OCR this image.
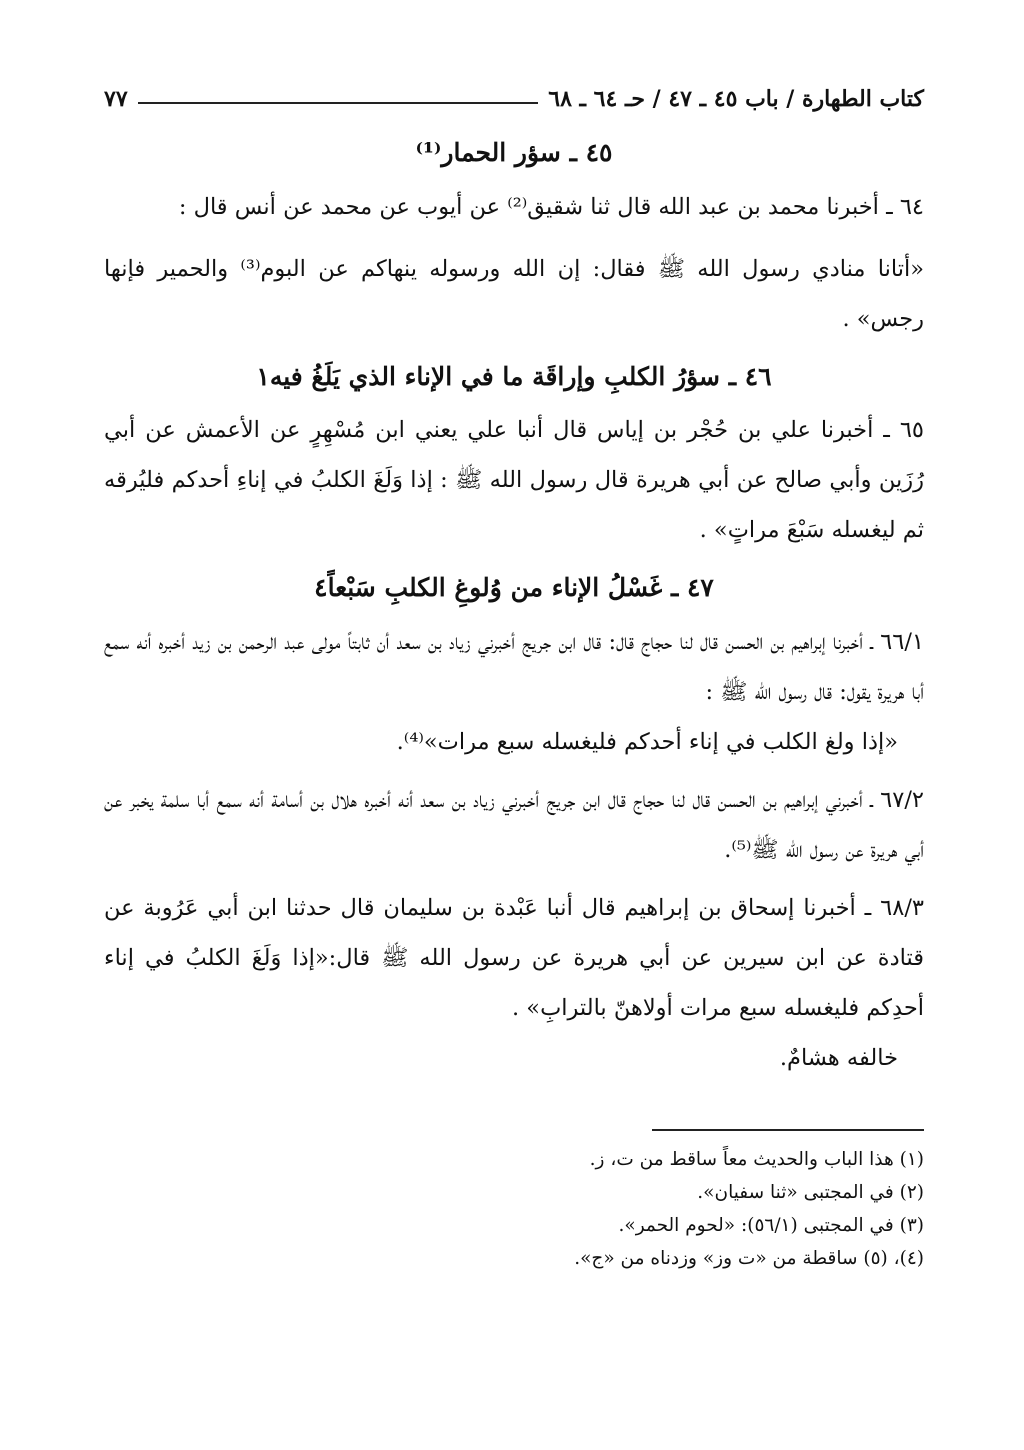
كتاب الطهارة / باب ٤٥ ـ ٤٧ / حـ ٦٤ ـ ٦٨
٧٧
٤٥ ـ سؤر الحمار⁽¹⁾

٦٤ ـ أخبرنا محمد بن عبد الله قال ثنا شقيق⁽²⁾ عن أيوب عن محمد عن أنس قال :

«أتانا منادي رسول الله ﷺ فقال: إن الله ورسوله ينهاكم عن البوم⁽³⁾ والحمير فإنها رجس» .

٤٦ ـ سؤرُ الكلبِ وإراقَة ما في الإناء الذي يَلَغُ فيه١

٦٥ ـ أخبرنا علي بن حُجْر بن إياس قال أنبا علي يعني ابن مُسْهِرٍ عن الأعمش عن أبي رُزَين وأبي صالح عن أبي هريرة قال رسول الله ﷺ : إذا وَلَغَ الكلبُ في إناءِ أحدكم فليُرقه ثم ليغسله سَبْعَ مراتٍ» .

٤٧ ـ غَسْلُ الإناء من وُلوغِ الكلبِ سَبْعاً٤

٦٦/١ ـ أخبرنا إبراهيم بن الحسن قال لنا حجاج قال: قال ابن جريج أخبرني زياد بن سعد أن ثابتاً مولى عبد الرحمن بن زيد أخبره أنه سمع أبا هريرة يقول: قال رسول الله ﷺ :

«إذا ولغ الكلب في إناء أحدكم فليغسله سبع مرات»⁽⁴⁾.

٦٧/٢ ـ أخبرني إبراهيم بن الحسن قال لنا حجاج قال ابن جريج أخبرني زياد بن سعد أنه أخبره هلال بن أسامة أنه سمع أبا سلمة يخبر عن أبي هريرة عن رسول الله ﷺ⁽⁵⁾.

٦٨/٣ ـ أخبرنا إسحاق بن إبراهيم قال أنبا عَبْدة بن سليمان قال حدثنا ابن أبي عَرُوبة عن قتادة عن ابن سيرين عن أبي هريرة عن رسول الله ﷺ قال:«إذا وَلَغَ الكلبُ في إناء أحدِكم فليغسله سبع مرات أولاهنّ بالترابِ» .

خالفه هشامٌ.

(١) هذا الباب والحديث معاً ساقط من ت، ز.
(٢) في المجتبى «ثنا سفيان».
(٣) في المجتبى (٥٦/١): «لحوم الحمر».
(٤)، (٥) ساقطة من «ت وز» وزدناه من «ج».
